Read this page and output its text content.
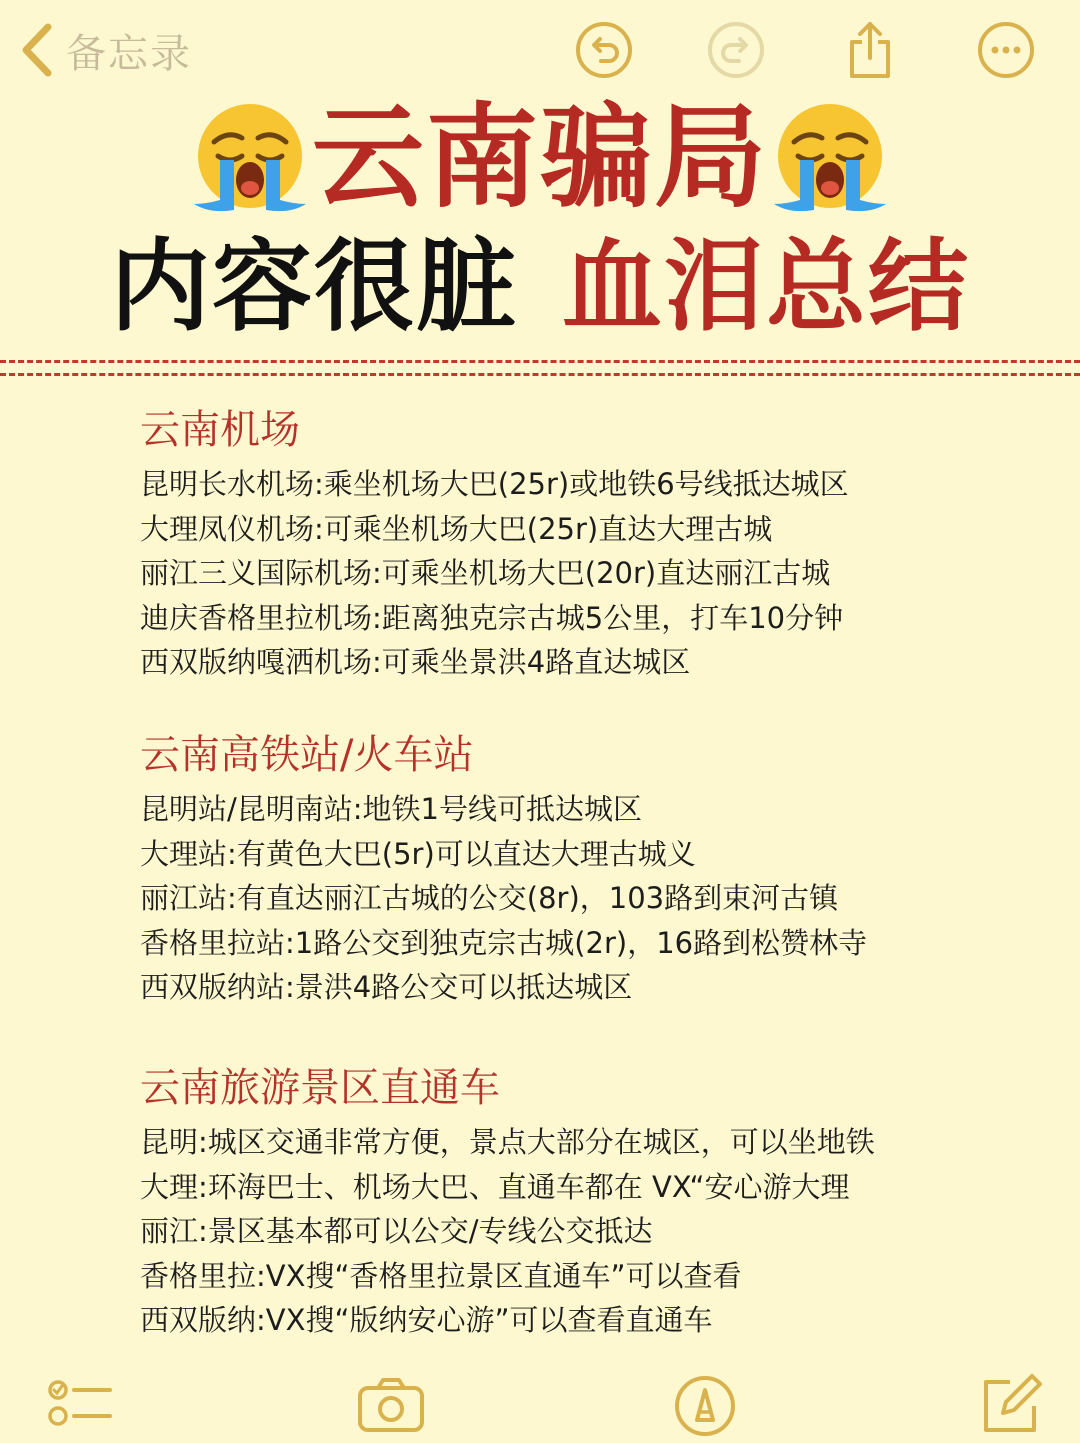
备忘录
云南骗局
内容很脏 血泪总结
云南机场
昆明长水机场:乘坐机场大巴(25r)或地铁6号线抵达城区
大理凤仪机场:可乘坐机场大巴(25r)直达大理古城
丽江三义国际机场:可乘坐机场大巴(20r)直达丽江古城
迪庆香格里拉机场:距离独克宗古城5公里，打车10分钟
西双版纳嘎洒机场:可乘坐景洪4路直达城区
云南高铁站/火车站
昆明站/昆明南站:地铁1号线可抵达城区
大理站:有黄色大巴(5r)可以直达大理古城义
丽江站:有直达丽江古城的公交(8r)，103路到束河古镇
香格里拉站:1路公交到独克宗古城(2r)，16路到松赞林寺
西双版纳站:景洪4路公交可以抵达城区
云南旅游景区直通车
昆明:城区交通非常方便，景点大部分在城区，可以坐地铁
大理:环海巴士、机场大巴、直通车都在 VX“安心游大理
丽江:景区基本都可以公交/专线公交抵达
香格里拉:VX搜“香格里拉景区直通车”可以查看
西双版纳:VX搜“版纳安心游”可以查看直通车
